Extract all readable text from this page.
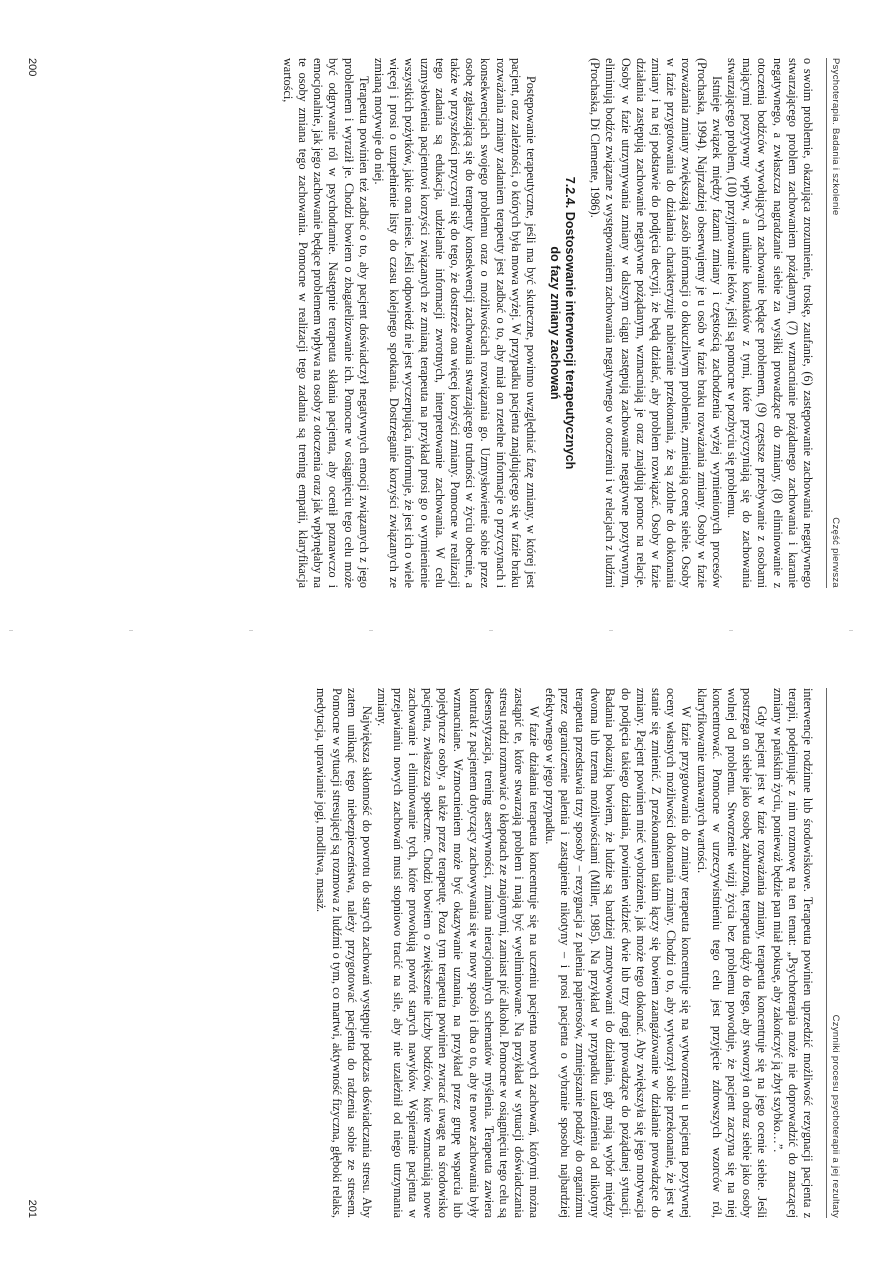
Psychoterapia. Badania i szkolenie
Część pierwsza

o swoim problemie, okazująca zrozumienie, troskę, zaufanie, (6) zastępowanie zachowania negatywnego stwarzającego problem zachowaniem pożądanym, (7) wzmacnianie pożądanego zachowania i karanie negatywnego, a zwłaszcza nagradzanie siebie za wysiłki prowadzące do zmiany, (8) eliminowanie z otoczenia bodźców wywołujących zachowanie będące problemem, (9) częstsze przebywanie z osobami mającymi pozytywny wpływ, a unikanie kontaktów z tymi, które przyczyniają się do zachowania stwarzającego problem, (10) przyjmowanie leków, jeśli są pomocne w pozbyciu się problemu.

Istnieje związek między fazami zmiany i częstością zachodzenia wyżej wymienionych procesów (Prochaska, 1994). Najrzadziej obserwujemy je u osób w fazie braku rozważania zmiany. Osoby w fazie rozważania zmiany zwiększają zasób informacji o dokuczliwym problemie, zmieniają ocenę siebie. Osoby w fazie przygotowania do działania charakteryzuje nabieranie przekonania, że są zdolne do dokonania zmiany i na tej podstawie do podjęcia decyzji, że będą działać, aby problem rozwiązać. Osoby w fazie działania zastępują zachowanie negatywne pożądanym, wzmacniają je oraz znajdują pomoc na relacje. Osoby w fazie utrzymywania zmiany w dalszym ciągu zastępują zachowanie negatywne pozytywnym, eliminują bodźce związane z występowaniem zachowania negatywnego w otoczeniu i w relacjach z ludźmi (Prochaska, Di Clemente, 1986).

7.2.4. Dostosowanie interwencji terapeutycznych
do fazy zmiany zachowań

Postępowanie terapeutyczne, jeśli ma być skuteczne, powinno uwzględniać fazę zmiany, w której jest pacjent, oraz zależności, o których była mowa wyżej. W przypadku pacjenta znajdującego się w fazie braku rozważania zmiany zadaniem terapeuty jest zadbać o to, aby miał on rzetelne informacje o przyczynach i konsekwencjach swojego problemu oraz o możliwościach rozwiązania go. Uzmysłowienie sobie przez osobę zgłaszającą się do terapeuty konsekwencji zachowania stwarzającego trudności w życiu obecnie, a także w przyszłości przyczyni się do tego, że dostrzeże ona więcej korzyści zmiany. Pomocne w realizacji tego zadania są edukacja, udzielanie informacji zwrotnych, interpretowanie zachowania. W celu uzmysłowienia pacjentowi korzyści związanych ze zmianą terapeuta na przykład prosi go o wymienienie wszystkich pożytków, jakie ona niesie. Jeśli odpowiedź nie jest wyczerpująca, informuje, że jest ich o wiele więcej i prosi o uzupełnienie listy do czasu kolejnego spotkania. Dostrzeganie korzyści związanych ze zmianą motywuje do niej.

Terapeuta powinien też zadbać o to, aby pacjent doświadczył negatywnych emocji związanych z jego problemem i wyraził je. Chodzi bowiem o zbagatelizowanie ich. Pomocne w osiągnięciu tego celu może być odgrywanie ról w psychodramie. Następnie terapeuta skłania pacjenta, aby ocenił poznawczo i emocjonalnie, jak jego zachowanie będące problemem wpływa na osoby z otoczenia oraz jak wpłynęłaby na te osoby zmiana tego zachowania. Pomocne w realizacji tego zadania są trening empatii, klaryfikacja wartości,

200
Czynniki procesu psychoterapii a jej rezultaty

interwencje rodzinne lub środowiskowe. Terapeuta powinien uprzedzić możliwość rezygnacji pacjenta z terapii, podejmując z nim rozmowę na ten temat: „Psychoterapia może nie doprowadzić do znaczącej zmiany w pańskim życiu, ponieważ będzie pan miał pokusę, aby zakończyć ją zbyt szybko…”.

Gdy pacjent jest w fazie rozważania zmiany, terapeuta koncentruje się na jego ocenie siebie. Jeśli postrzega on siebie jako osobę zaburzoną, terapeuta dąży do tego, aby stworzył on obraz siebie jako osoby wolnej od problemu. Stworzenie wizji życia bez problemu powoduje, że pacjent zaczyna się na niej koncentrować. Pomocne w urzeczywistnieniu tego celu jest przyjęcie zdrowszych wzorców ról, klaryfikowanie uznawanych wartości.

W fazie przygotowania do zmiany terapeuta koncentruje się na wytworzeniu u pacjenta pozytywnej oceny własnych możliwości dokonania zmiany. Chodzi o to, aby wytworzył sobie przekonanie, że jest w stanie się zmienić. Z przekonaniem takim łączy się bowiem zaangażowanie w działanie prowadzące do zmiany. Pacjent powinien mieć wyobrażenie, jak może tego dokonać. Aby zwiększyła się jego motywacja do podjęcia takiego działania, powinien widzieć dwie lub trzy drogi prowadzące do pożądanej sytuacji. Badania pokazują bowiem, że ludzie są bardziej zmotywowani do działania, gdy mają wybór między dwoma lub trzema możliwościami (Miller, 1985). Na przykład w przypadku uzależnienia od nikotyny terapeuta przedstawia trzy sposoby – rezygnacja z palenia papierosów, zmniejszanie podaży do organizmu przez ograniczenie palenia i zastąpienie nikotyny – i prosi pacjenta o wybranie sposobu najbardziej efektywnego w jego przypadku.

W fazie działania terapeuta koncentruje się na uczeniu pacjenta nowych zachowań, którymi można zastąpić te, które stwarzają problem i mają być wyeliminowane. Na przykład w sytuacji doświadczania stresu radzi rozmawiać o kłopotach ze znajomymi, zamiast pić alkohol. Pomocne w osiągnięciu tego celu są desensytyzacja, trening asertywności, zmiana nieracjonalnych schematów myślenia. Terapeuta zawiera kontrakt z pacjentem dotyczący zachowywania się w nowy sposób i dba o to, aby te nowe zachowania były wzmacniane. Wzmocnieniem może być okazywanie uznania, na przykład przez grupę wsparcia lub pojedyncze osoby, a także przez terapeutę. Poza tym terapeuta powinien zwracać uwagę na środowisko pacjenta, zwłaszcza społeczne. Chodzi bowiem o zwiększenie liczby bodźców, które wzmacniają nowe zachowanie i eliminowanie tych, które prowokują powrót starych nawyków. Wspieranie pacjenta w przejawianiu nowych zachowań musi stopniowo tracić na sile, aby nie uzależnił od niego utrzymania zmiany.

Największa skłonność do powrotu do starych zachowań występuje podczas doświadczania stresu. Aby zatem uniknąć tego niebezpieczeństwa, należy przygotować pacjenta do radzenia sobie ze stresem. Pomocne w sytuacji stresującej są rozmowa z ludźmi o tym, co martwi, aktywność fizyczna, głęboki relaks, medytacja, uprawianie jogi, modlitwa, masaż.

201
